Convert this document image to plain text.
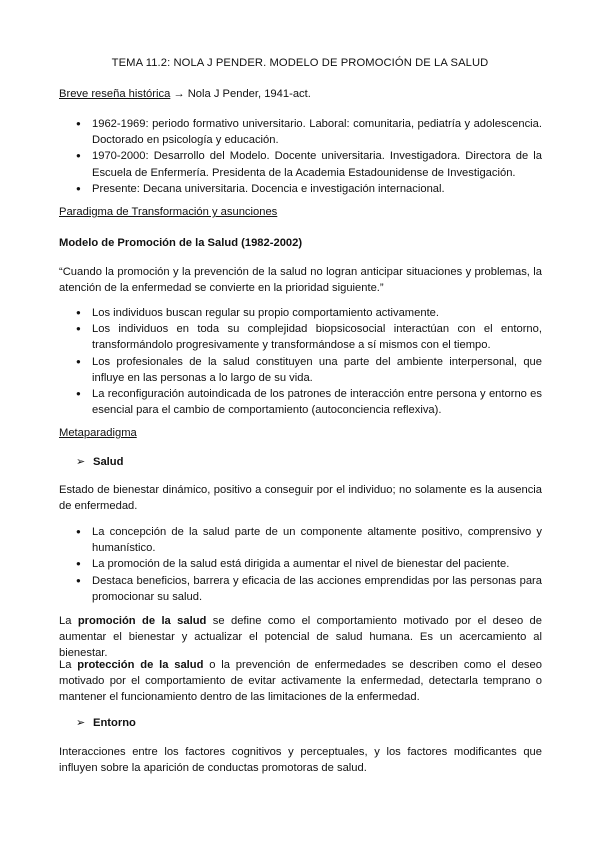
TEMA 11.2: NOLA J PENDER. MODELO DE PROMOCIÓN DE LA SALUD
Breve reseña histórica → Nola J Pender, 1941-act.
● 1962-1969: periodo formativo universitario. Laboral: comunitaria, pediatría y adolescencia. Doctorado en psicología y educación.
● 1970-2000: Desarrollo del Modelo. Docente universitaria. Investigadora. Directora de la Escuela de Enfermería. Presidenta de la Academia Estadounidense de Investigación.
● Presente: Decana universitaria. Docencia e investigación internacional.
Paradigma de Transformación y asunciones
Modelo de Promoción de la Salud (1982-2002)
“Cuando la promoción y la prevención de la salud no logran anticipar situaciones y problemas, la atención de la enfermedad se convierte en la prioridad siguiente.”
● Los individuos buscan regular su propio comportamiento activamente.
● Los individuos en toda su complejidad biopsicosocial interactúan con el entorno, transformándolo progresivamente y transformándose a sí mismos con el tiempo.
● Los profesionales de la salud constituyen una parte del ambiente interpersonal, que influye en las personas a lo largo de su vida.
● La reconfiguración autoindicada de los patrones de interacción entre persona y entorno es esencial para el cambio de comportamiento (autoconciencia reflexiva).
Metaparadigma
➢ Salud
Estado de bienestar dinámico, positivo a conseguir por el individuo; no solamente es la ausencia de enfermedad.
● La concepción de la salud parte de un componente altamente positivo, comprensivo y humanístico.
● La promoción de la salud está dirigida a aumentar el nivel de bienestar del paciente.
● Destaca beneficios, barrera y eficacia de las acciones emprendidas por las personas para promocionar su salud.
La promoción de la salud se define como el comportamiento motivado por el deseo de aumentar el bienestar y actualizar el potencial de salud humana. Es un acercamiento al bienestar.
La protección de la salud o la prevención de enfermedades se describen como el deseo motivado por el comportamiento de evitar activamente la enfermedad, detectarla temprano o mantener el funcionamiento dentro de las limitaciones de la enfermedad.
➢ Entorno
Interacciones entre los factores cognitivos y perceptuales, y los factores modificantes que influyen sobre la aparición de conductas promotoras de salud.
